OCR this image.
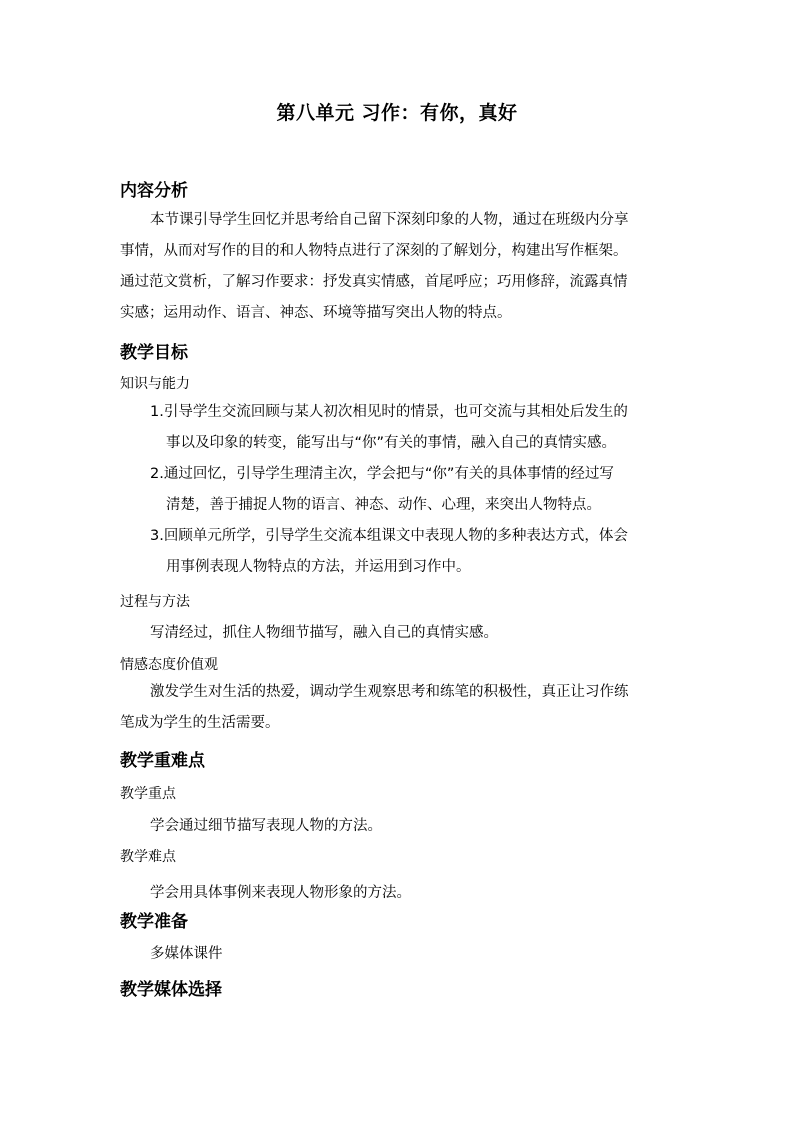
第八单元 习作：有你，真好
内容分析
本节课引导学生回忆并思考给自己留下深刻印象的人物，通过在班级内分享
事情，从而对写作的目的和人物特点进行了深刻的了解划分，构建出写作框架。
通过范文赏析，了解习作要求：抒发真实情感，首尾呼应；巧用修辞，流露真情
实感；运用动作、语言、神态、环境等描写突出人物的特点。
教学目标
知识与能力
1.引导学生交流回顾与某人初次相见时的情景，也可交流与其相处后发生的
事以及印象的转变，能写出与“你”有关的事情，融入自己的真情实感。
2.通过回忆，引导学生理清主次，学会把与“你”有关的具体事情的经过写
清楚，善于捕捉人物的语言、神态、动作、心理，来突出人物特点。
3.回顾单元所学，引导学生交流本组课文中表现人物的多种表达方式，体会
用事例表现人物特点的方法，并运用到习作中。
过程与方法
写清经过，抓住人物细节描写，融入自己的真情实感。
情感态度价值观
激发学生对生活的热爱，调动学生观察思考和练笔的积极性，真正让习作练
笔成为学生的生活需要。
教学重难点
教学重点
学会通过细节描写表现人物的方法。
教学难点
学会用具体事例来表现人物形象的方法。
教学准备
多媒体课件
教学媒体选择
